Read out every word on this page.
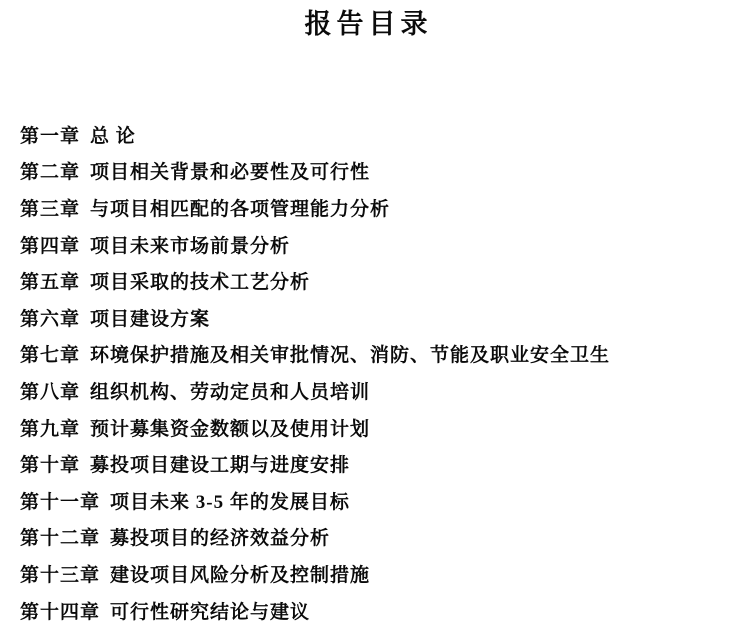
报告目录
第一章 总 论
第二章 项目相关背景和必要性及可行性
第三章 与项目相匹配的各项管理能力分析
第四章 项目未来市场前景分析
第五章 项目采取的技术工艺分析
第六章 项目建设方案
第七章 环境保护措施及相关审批情况、消防、节能及职业安全卫生
第八章 组织机构、劳动定员和人员培训
第九章 预计募集资金数额以及使用计划
第十章 募投项目建设工期与进度安排
第十一章 项目未来 3-5 年的发展目标
第十二章 募投项目的经济效益分析
第十三章 建设项目风险分析及控制措施
第十四章 可行性研究结论与建议
